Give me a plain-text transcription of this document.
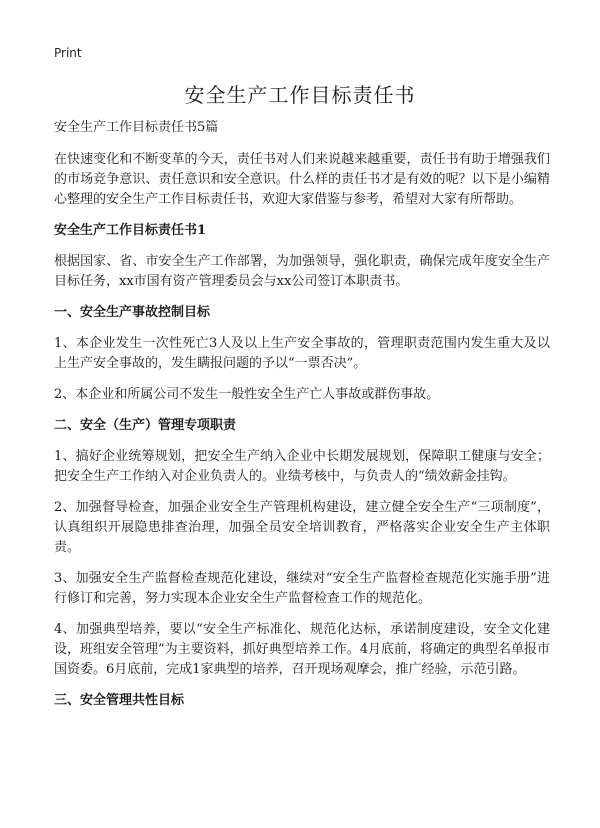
Print
安全生产工作目标责任书

安全生产工作目标责任书5篇

在快速变化和不断变革的今天，责任书对人们来说越来越重要，责任书有助于增强我们的市场竞争意识、责任意识和安全意识。什么样的责任书才是有效的呢？以下是小编精心整理的安全生产工作目标责任书，欢迎大家借鉴与参考，希望对大家有所帮助。

安全生产工作目标责任书1

根据国家、省、市安全生产工作部署，为加强领导，强化职责，确保完成年度安全生产目标任务，xx市国有资产管理委员会与xx公司签订本职责书。

一、安全生产事故控制目标

1、本企业发生一次性死亡3人及以上生产安全事故的，管理职责范围内发生重大及以上生产安全事故的，发生瞒报问题的予以“一票否决”。

2、本企业和所属公司不发生一般性安全生产亡人事故或群伤事故。

二、安全（生产）管理专项职责

1、搞好企业统筹规划，把安全生产纳入企业中长期发展规划，保障职工健康与安全；把安全生产工作纳入对企业负责人的。业绩考核中，与负责人的“绩效薪金挂钩。

2、加强督导检查，加强企业安全生产管理机构建设，建立健全安全生产“三项制度”，认真组织开展隐患排查治理，加强全员安全培训教育，严格落实企业安全生产主体职责。

3、加强安全生产监督检查规范化建设，继续对“安全生产监督检查规范化实施手册”进行修订和完善，努力实现本企业安全生产监督检查工作的规范化。

4、加强典型培养，要以“安全生产标准化、规范化达标，承诺制度建设，安全文化建设，班组安全管理”为主要资料，抓好典型培养工作。4月底前，将确定的典型名单报市国资委。6月底前，完成1家典型的培养，召开现场观摩会，推广经验，示范引路。

三、安全管理共性目标
